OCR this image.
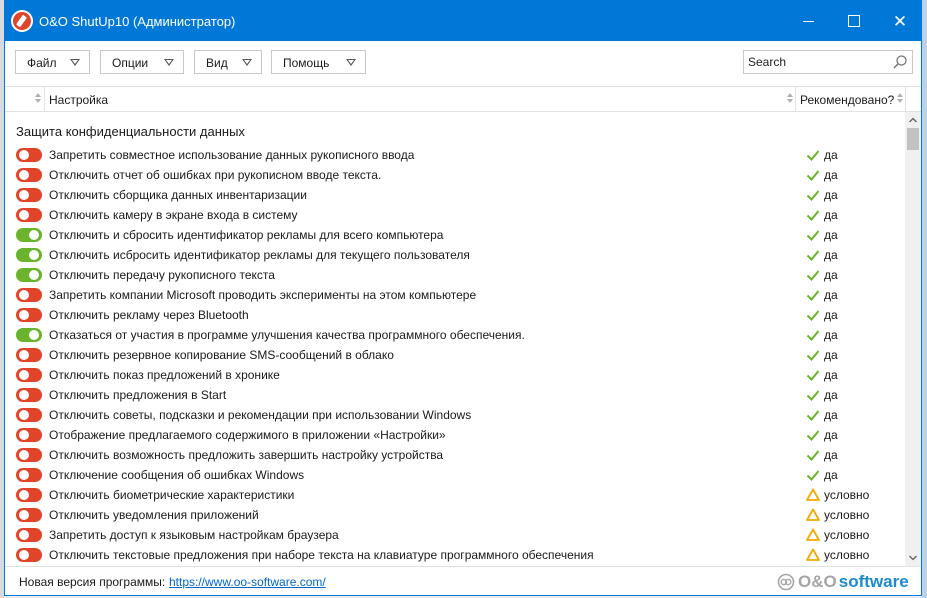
O&O ShutUp10 (Администратор)	✕
Файл	Опции	Вид	Помощь
Search
Настройка	Рекомендовано?
Защита конфиденциальности данных
Запретить совместное использование данных рукописного ввода	да
Отключить отчет об ошибках при рукописном вводе текста.	да
Отключить сборщика данных инвентаризации	да
Отключить камеру в экране входа в систему	да
Отключить и сбросить идентификатор рекламы для всего компьютера	да
Отключить исбросить идентификатор рекламы для текущего пользователя	да
Отключить передачу рукописного текста	да
Запретить компании Microsoft проводить эксперименты на этом компьютере	да
Отключить рекламу через Bluetooth	да
Отказаться от участия в программе улучшения качества программного обеспечения.	да
Отключить резервное копирование SMS-сообщений в облако	да
Отключить показ предложений в хронике	да
Отключить предложения в Start	да
Отключить советы, подсказки и рекомендации при использовании Windows	да
Отображение предлагаемого содержимого в приложении «Настройки»	да
Отключить возможность предложить завершить настройку устройства	да
Отключение сообщения об ошибках Windows	да
Отключить биометрические характеристики	условно
Отключить уведомления приложений	условно
Запретить доступ к языковым настройкам браузера	условно
Отключить текстовые предложения при наборе текста на клавиатуре программного обеспечения	условно
Новая версия программы: https://www.oo-software.com/	O&O software
